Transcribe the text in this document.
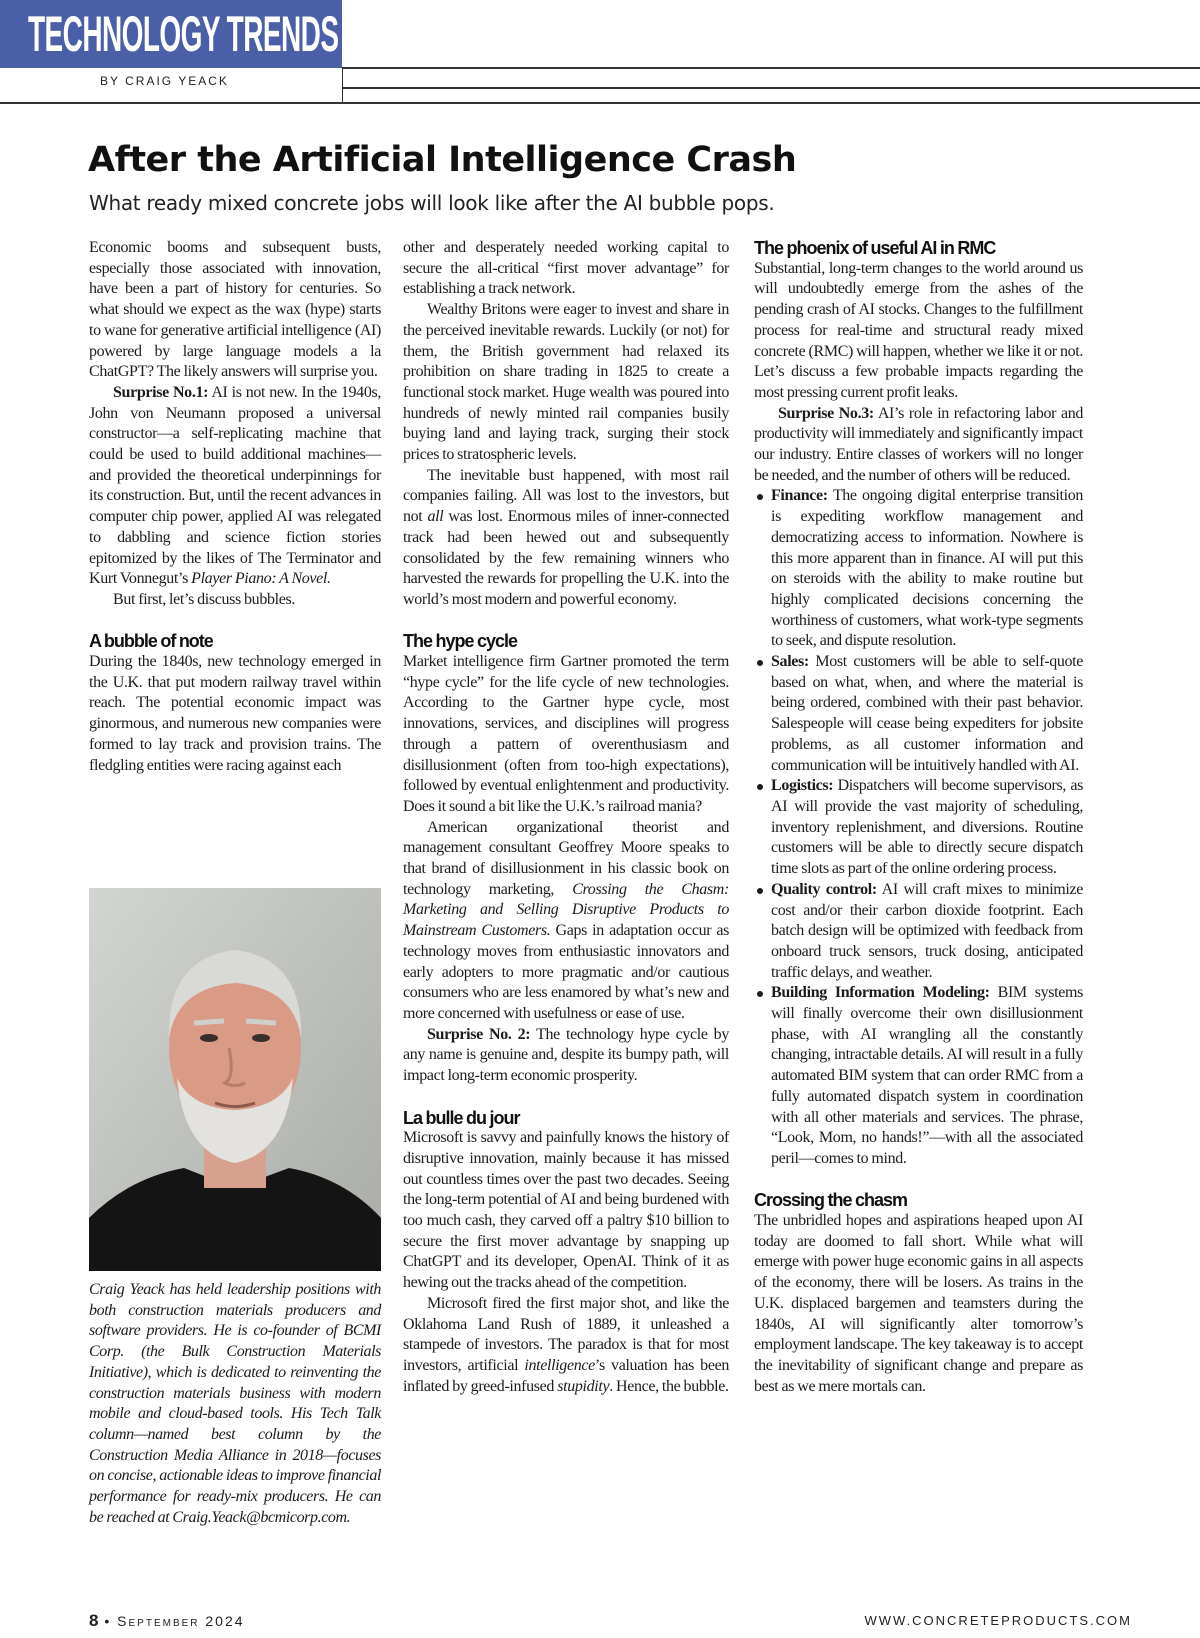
TECHNOLOGY TRENDS
BY CRAIG YEACK
After the Artificial Intelligence Crash
What ready mixed concrete jobs will look like after the AI bubble pops.

Economic booms and subsequent busts, especially those associated with innovation, have been a part of history for centuries. So what should we expect as the wax (hype) starts to wane for generative artificial intelligence (AI) powered by large language models a la ChatGPT? The likely answers will surprise you.

Surprise No.1: AI is not new. In the 1940s, John von Neumann proposed a universal constructor—a self-replicating machine that could be used to build additional machines—and provided the theoretical underpinnings for its construction. But, until the recent advances in computer chip power, applied AI was relegated to dabbling and science fiction stories epitomized by the likes of The Terminator and Kurt Vonnegut’s Player Piano: A Novel.

But first, let’s discuss bubbles.

A bubble of note

During the 1840s, new technology emerged in the U.K. that put modern railway travel within reach. The potential economic impact was ginormous, and numerous new companies were formed to lay track and provision trains. The fledgling entities were racing against each

other and desperately needed working capital to secure the all-critical “first mover advantage” for establishing a track network.

Wealthy Britons were eager to invest and share in the perceived inevitable rewards. Luckily (or not) for them, the British government had relaxed its prohibition on share trading in 1825 to create a functional stock market. Huge wealth was poured into hundreds of newly minted rail companies busily buying land and laying track, surging their stock prices to stratospheric levels.

The inevitable bust happened, with most rail companies failing. All was lost to the investors, but not all was lost. Enormous miles of inner-connected track had been hewed out and subsequently consolidated by the few remaining winners who harvested the rewards for propelling the U.K. into the world’s most modern and powerful economy.

The hype cycle

Market intelligence firm Gartner promoted the term “hype cycle” for the life cycle of new technologies. According to the Gartner hype cycle, most innovations, services, and disciplines will progress through a pattern of overenthusiasm and disillusionment (often from too-high expectations), followed by eventual enlightenment and productivity. Does it sound a bit like the U.K.’s railroad mania?

American organizational theorist and management consultant Geoffrey Moore speaks to that brand of disillusionment in his classic book on technology marketing, Crossing the Chasm: Marketing and Selling Disruptive Products to Mainstream Customers. Gaps in adaptation occur as technology moves from enthusiastic innovators and early adopters to more pragmatic and/or cautious consumers who are less enamored by what’s new and more concerned with usefulness or ease of use.

Surprise No. 2: The technology hype cycle by any name is genuine and, despite its bumpy path, will impact long-term economic prosperity.

La bulle du jour

Microsoft is savvy and painfully knows the history of disruptive innovation, mainly because it has missed out countless times over the past two decades. Seeing the long-term potential of AI and being burdened with too much cash, they carved off a paltry $10 billion to secure the first mover advantage by snapping up ChatGPT and its developer, OpenAI. Think of it as hewing out the tracks ahead of the competition.

Microsoft fired the first major shot, and like the Oklahoma Land Rush of 1889, it unleashed a stampede of investors. The paradox is that for most investors, artificial intelligence’s valuation has been inflated by greed-infused stupidity. Hence, the bubble.

The phoenix of useful AI in RMC

Substantial, long-term changes to the world around us will undoubtedly emerge from the ashes of the pending crash of AI stocks. Changes to the fulfillment process for real-time and structural ready mixed concrete (RMC) will happen, whether we like it or not. Let’s discuss a few probable impacts regarding the most pressing current profit leaks.

Surprise No.3: AI’s role in refactoring labor and productivity will immediately and significantly impact our industry. Entire classes of workers will no longer be needed, and the number of others will be reduced.

Finance: The ongoing digital enterprise transition is expediting workflow management and democratizing access to information. Nowhere is this more apparent than in finance. AI will put this on steroids with the ability to make routine but highly complicated decisions concerning the worthiness of customers, what work-type segments to seek, and dispute resolution.
Sales: Most customers will be able to self-quote based on what, when, and where the material is being ordered, combined with their past behavior. Salespeople will cease being expediters for jobsite problems, as all customer information and communication will be intuitively handled with AI.
Logistics: Dispatchers will become supervisors, as AI will provide the vast majority of scheduling, inventory replenishment, and diversions. Routine customers will be able to directly secure dispatch time slots as part of the online ordering process.
Quality control: AI will craft mixes to minimize cost and/or their carbon dioxide footprint. Each batch design will be optimized with feedback from onboard truck sensors, truck dosing, anticipated traffic delays, and weather.
Building Information Modeling: BIM systems will finally overcome their own disillusionment phase, with AI wrangling all the constantly changing, intractable details. AI will result in a fully automated BIM system that can order RMC from a fully automated dispatch system in coordination with all other materials and services. The phrase, “Look, Mom, no hands!”—with all the associated peril—comes to mind.
Crossing the chasm

The unbridled hopes and aspirations heaped upon AI today are doomed to fall short. While what will emerge with power huge economic gains in all aspects of the economy, there will be losers. As trains in the U.K. displaced bargemen and teamsters during the 1840s, AI will significantly alter tomorrow’s employment landscape. The key takeaway is to accept the inevitability of significant change and prepare as best as we mere mortals can.

Craig Yeack has held leadership positions with both construction materials producers and software providers. He is co-founder of BCMI Corp. (the Bulk Construction Materials Initiative), which is dedicated to reinventing the construction materials business with modern mobile and cloud-based tools. His Tech Talk column—named best column by the Construction Media Alliance in 2018—focuses on concise, actionable ideas to improve financial performance for ready-mix producers. He can be reached at Craig.Yeack@bcmicorp.com.
8 • September 2024	WWW.CONCRETEPRODUCTS.COM
